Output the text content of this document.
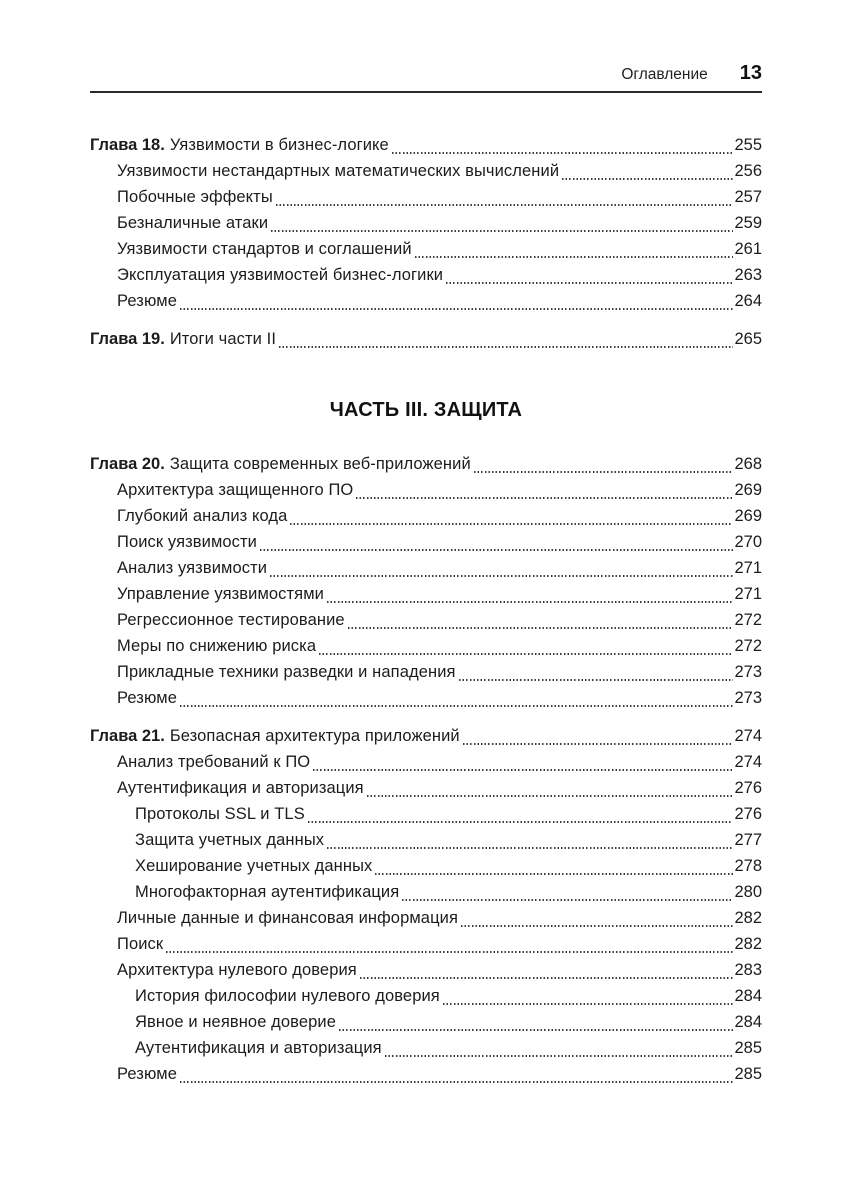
Оглавление 13
Глава 18. Уязвимости в бизнес-логике	255
Уязвимости нестандартных математических вычислений	256
Побочные эффекты	257
Безналичные атаки	259
Уязвимости стандартов и соглашений	261
Эксплуатация уязвимостей бизнес-логики	263
Резюме	264
Глава 19. Итоги части II	265
ЧАСТЬ III. ЗАЩИТА
Глава 20. Защита современных веб-приложений	268
Архитектура защищенного ПО	269
Глубокий анализ кода	269
Поиск уязвимости	270
Анализ уязвимости	271
Управление уязвимостями	271
Регрессионное тестирование	272
Меры по снижению риска	272
Прикладные техники разведки и нападения	273
Резюме	273
Глава 21. Безопасная архитектура приложений	274
Анализ требований к ПО	274
Аутентификация и авторизация	276
Протоколы SSL и TLS	276
Защита учетных данных	277
Хеширование учетных данных	278
Многофакторная аутентификация	280
Личные данные и финансовая информация	282
Поиск	282
Архитектура нулевого доверия	283
История философии нулевого доверия	284
Явное и неявное доверие	284
Аутентификация и авторизация	285
Резюме	285
